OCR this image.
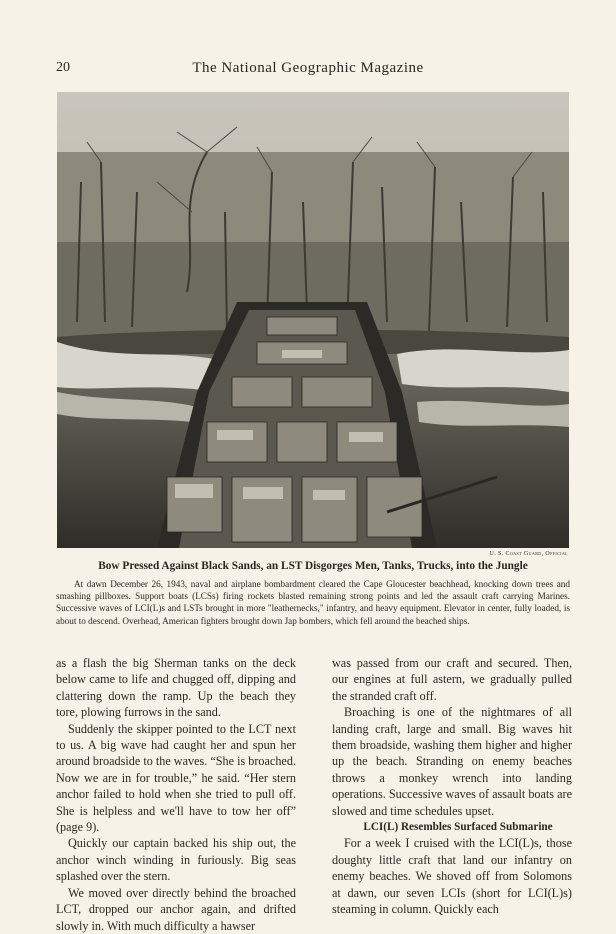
20	The National Geographic Magazine
U. S. Coast Guard, Official
Bow Pressed Against Black Sands, an LST Disgorges Men, Tanks, Trucks, into the Jungle

At dawn December 26, 1943, naval and airplane bombardment cleared the Cape Gloucester beachhead, knocking down trees and smashing pillboxes. Support boats (LCSs) firing rockets blasted remaining strong points and led the assault craft carrying Marines. Successive waves of LCI(L)s and LSTs brought in more "leathernecks," infantry, and heavy equipment. Elevator in center, fully loaded, is about to descend. Overhead, American fighters brought down Jap bombers, which fell around the beached ships.

as a flash the big Sherman tanks on the deck below came to life and chugged off, dipping and clattering down the ramp. Up the beach they tore, plowing furrows in the sand.

Suddenly the skipper pointed to the LCT next to us. A big wave had caught her and spun her around broadside to the waves. “She is broached. Now we are in for trouble,” he said. “Her stern anchor failed to hold when she tried to pull off. She is helpless and we'll have to tow her off” (page 9).

Quickly our captain backed his ship out, the anchor winch winding in furiously. Big seas splashed over the stern.

We moved over directly behind the broached LCT, dropped our anchor again, and drifted slowly in. With much difficulty a hawser

was passed from our craft and secured. Then, our engines at full astern, we gradually pulled the stranded craft off.

Broaching is one of the nightmares of all landing craft, large and small. Big waves hit them broadside, washing them higher and higher up the beach. Stranding on enemy beaches throws a monkey wrench into landing operations. Successive waves of assault boats are slowed and time schedules upset.

LCI(L) Resembles Surfaced Submarine

For a week I cruised with the LCI(L)s, those doughty little craft that land our infantry on enemy beaches. We shoved off from Solomons at dawn, our seven LCIs (short for LCI(L)s) steaming in column. Quickly each
